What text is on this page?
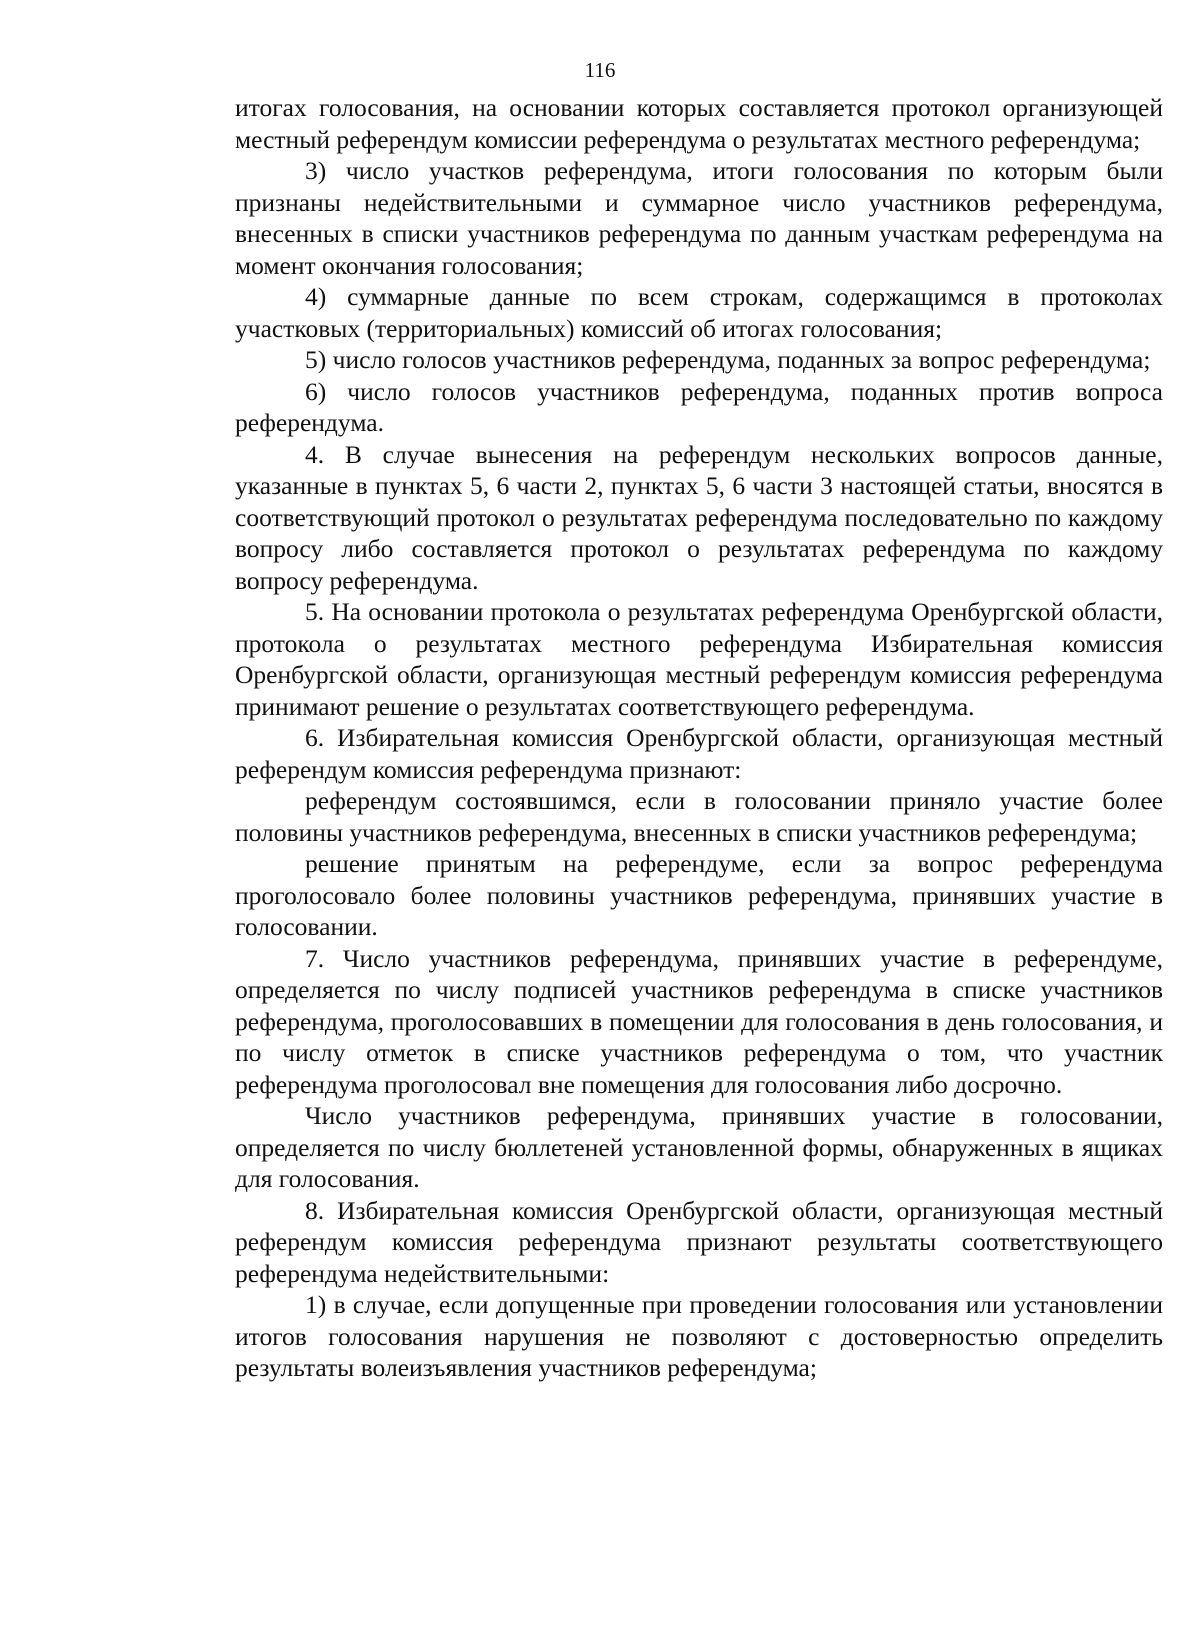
116

итогах голосования, на основании которых составляется протокол организующей местный референдум комиссии референдума о результатах местного референдума;

3) число участков референдума, итоги голосования по которым были признаны недействительными и суммарное число участников референдума, внесенных в списки участников референдума по данным участкам референдума на момент окончания голосования;

4) суммарные данные по всем строкам, содержащимся в протоколах участковых (территориальных) комиссий об итогах голосования;

5) число голосов участников референдума, поданных за вопрос референдума;

6) число голосов участников референдума, поданных против вопроса референдума.

4. В случае вынесения на референдум нескольких вопросов данные, указанные в пунктах 5, 6 части 2, пунктах 5, 6 части 3 настоящей статьи, вносятся в соответствующий протокол о результатах референдума последовательно по каждому вопросу либо составляется протокол о результатах референдума по каждому вопросу референдума.

5. На основании протокола о результатах референдума Оренбургской области, протокола о результатах местного референдума Избирательная комиссия Оренбургской области, организующая местный референдум комиссия референдума принимают решение о результатах соответствующего референдума.

6. Избирательная комиссия Оренбургской области, организующая местный референдум комиссия референдума признают:

референдум состоявшимся, если в голосовании приняло участие более половины участников референдума, внесенных в списки участников референдума;

решение принятым на референдуме, если за вопрос референдума проголосовало более половины участников референдума, принявших участие в голосовании.

7. Число участников референдума, принявших участие в референдуме, определяется по числу подписей участников референдума в списке участников референдума, проголосовавших в помещении для голосования в день голосования, и по числу отметок в списке участников референдума о том, что участник референдума проголосовал вне помещения для голосования либо досрочно.

Число участников референдума, принявших участие в голосовании, определяется по числу бюллетеней установленной формы, обнаруженных в ящиках для голосования.

8. Избирательная комиссия Оренбургской области, организующая местный референдум комиссия референдума признают результаты соответствующего референдума недействительными:

1) в случае, если допущенные при проведении голосования или установлении итогов голосования нарушения не позволяют с достоверностью определить результаты волеизъявления участников референдума;
